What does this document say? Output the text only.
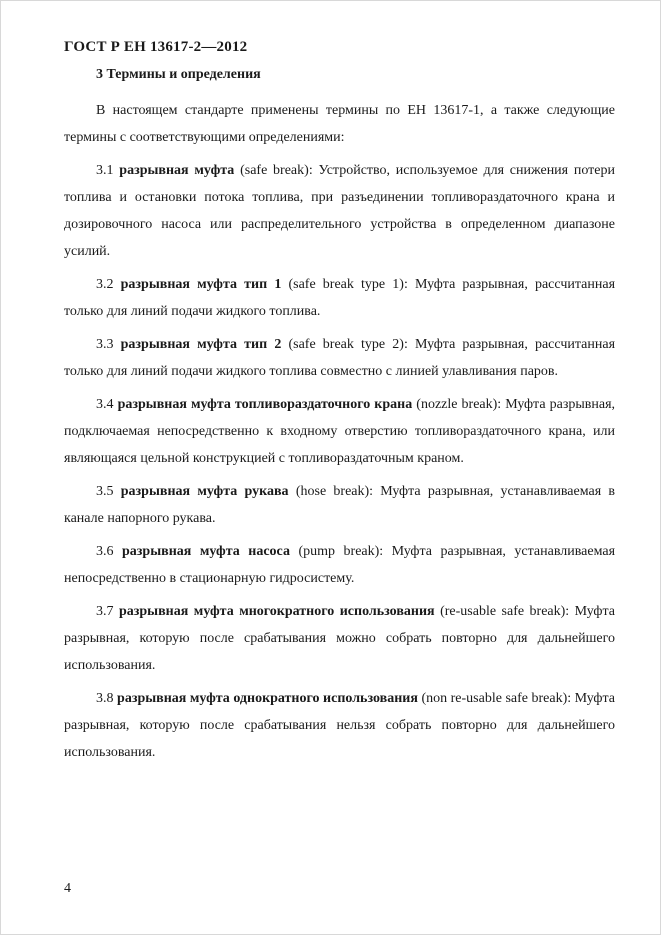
ГОСТ Р ЕН 13617-2—2012
3 Термины и определения

В настоящем стандарте применены термины по ЕН 13617-1, а также следующие термины с соответствующими определениями:

3.1 разрывная муфта (safe break): Устройство, используемое для снижения потери топлива и остановки потока топлива, при разъединении топливораздаточного крана и дозировочного насоса или распределительного устройства в определенном диапазоне усилий.

3.2 разрывная муфта тип 1 (safe break type 1): Муфта разрывная, рассчитанная только для линий подачи жидкого топлива.

3.3 разрывная муфта тип 2 (safe break type 2): Муфта разрывная, рассчитанная только для линий подачи жидкого топлива совместно с линией улавливания паров.

3.4 разрывная муфта топливораздаточного крана (nozzle break): Муфта разрывная, подключаемая непосредственно к входному отверстию топливораздаточного крана, или являющаяся цельной конструкцией с топливораздаточным краном.

3.5 разрывная муфта рукава (hose break): Муфта разрывная, устанавливаемая в канале напорного рукава.

3.6 разрывная муфта насоса (pump break): Муфта разрывная, устанавливаемая непосредственно в стационарную гидросистему.

3.7 разрывная муфта многократного использования (re-usable safe break): Муфта разрывная, которую после срабатывания можно собрать повторно для дальнейшего использования.

3.8 разрывная муфта однократного использования (non re-usable safe break): Муфта разрывная, которую после срабатывания нельзя собрать повторно для дальнейшего использования.

4
